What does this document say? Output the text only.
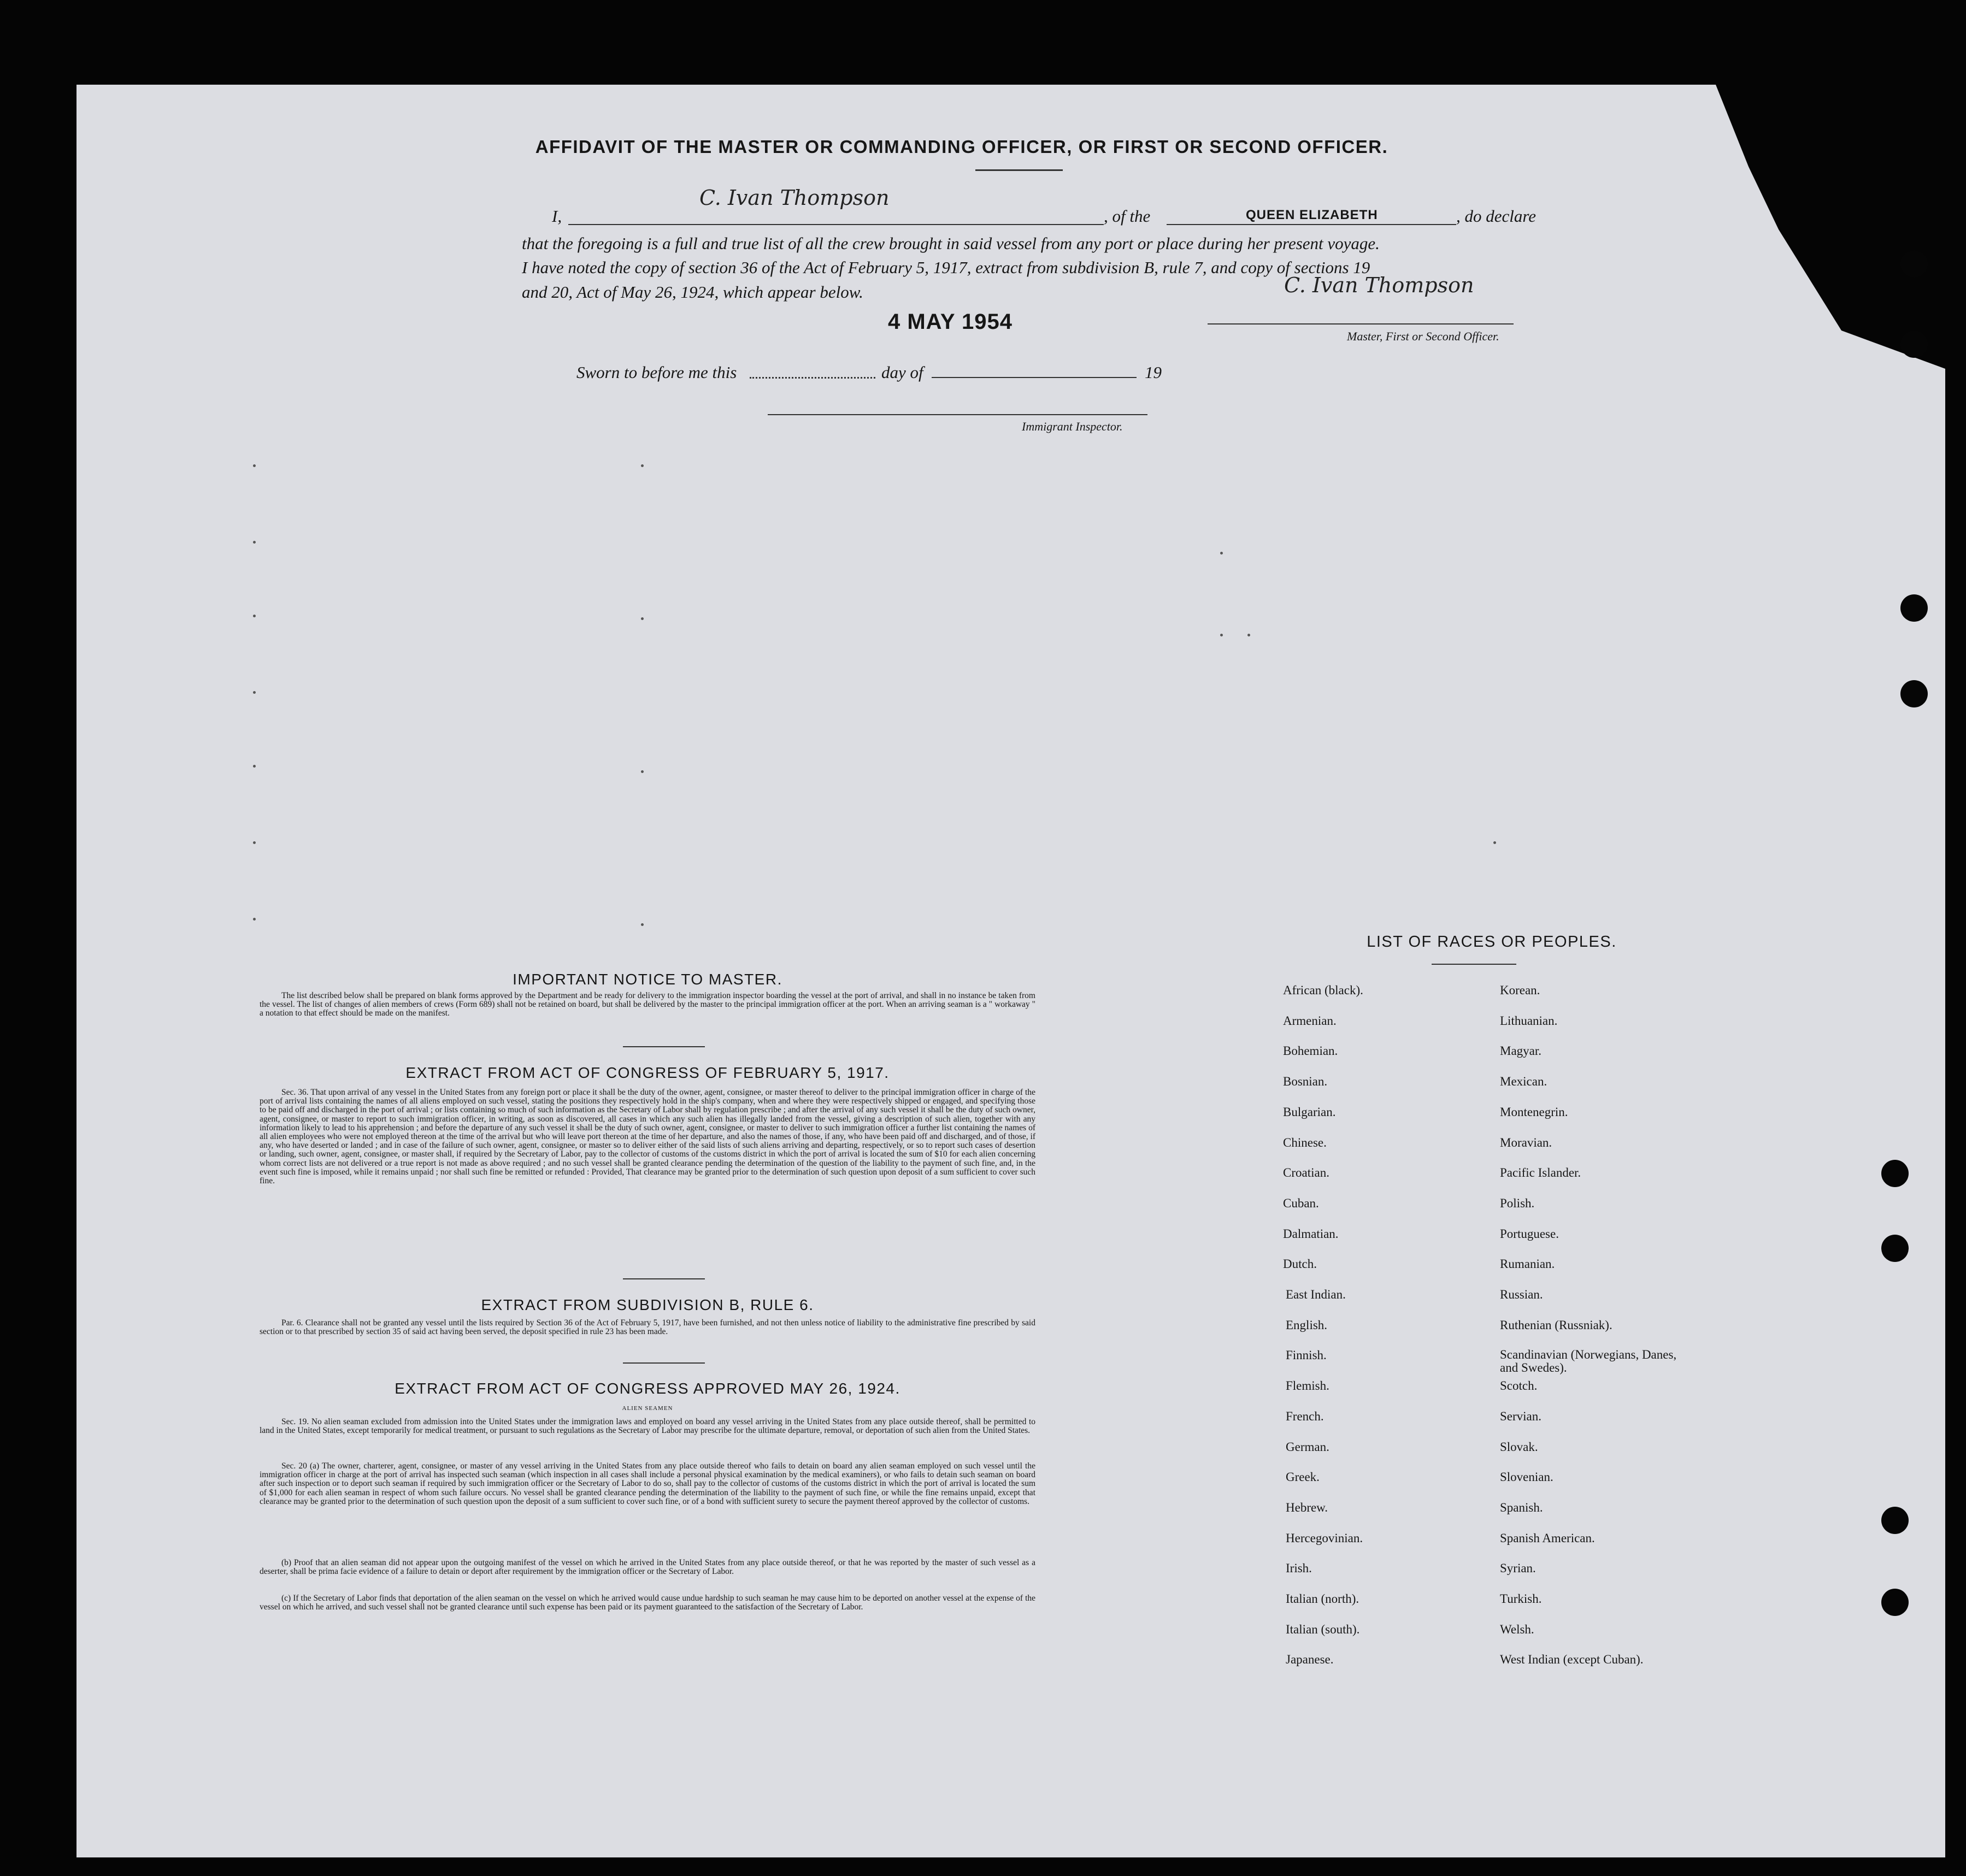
AFFIDAVIT OF THE MASTER OR COMMANDING OFFICER, OR FIRST OR SECOND OFFICER.
I,
C. Ivan Thompson
, of the	QUEEN ELIZABETH	, do declare
that the foregoing is a full and true list of all the crew brought in said vessel from any port or place during her present voyage.
I have noted the copy of section 36 of the Act of February 5, 1917, extract from subdivision B, rule 7, and copy of sections 19
and 20, Act of May 26, 1924, which appear below.	C. Ivan Thompson
Master, First or Second Officer.
4 MAY 1954
Sworn to before me this	day of	19
Immigrant Inspector.
IMPORTANT NOTICE TO MASTER.

The list described below shall be prepared on blank forms approved by the Department and be ready for delivery to the immigration inspector boarding the vessel at the port of arrival, and shall in no instance be taken from the vessel. The list of changes of alien members of crews (Form 689) shall not be retained on board, but shall be delivered by the master to the principal immigration officer at the port. When an arriving seaman is a " workaway " a notation to that effect should be made on the manifest.

EXTRACT FROM ACT OF CONGRESS OF FEBRUARY 5, 1917.

Sec. 36. That upon arrival of any vessel in the United States from any foreign port or place it shall be the duty of the owner, agent, consignee, or master thereof to deliver to the principal immigration officer in charge of the port of arrival lists containing the names of all aliens employed on such vessel, stating the positions they respectively hold in the ship's company, when and where they were respectively shipped or engaged, and specifying those to be paid off and discharged in the port of arrival ; or lists containing so much of such information as the Secretary of Labor shall by regulation prescribe ; and after the arrival of any such vessel it shall be the duty of such owner, agent, consignee, or master to report to such immigration officer, in writing, as soon as discovered, all cases in which any such alien has illegally landed from the vessel, giving a description of such alien, together with any information likely to lead to his apprehension ; and before the departure of any such vessel it shall be the duty of such owner, agent, consignee, or master to deliver to such immigration officer a further list containing the names of all alien employees who were not employed thereon at the time of the arrival but who will leave port thereon at the time of her departure, and also the names of those, if any, who have been paid off and discharged, and of those, if any, who have deserted or landed ; and in case of the failure of such owner, agent, consignee, or master so to deliver either of the said lists of such aliens arriving and departing, respectively, or so to report such cases of desertion or landing, such owner, agent, consignee, or master shall, if required by the Secretary of Labor, pay to the collector of customs of the customs district in which the port of arrival is located the sum of $10 for each alien concerning whom correct lists are not delivered or a true report is not made as above required ; and no such vessel shall be granted clearance pending the determination of the question of the liability to the payment of such fine, and, in the event such fine is imposed, while it remains unpaid ; nor shall such fine be remitted or refunded : Provided, That clearance may be granted prior to the determination of such question upon deposit of a sum sufficient to cover such fine.

EXTRACT FROM SUBDIVISION B, RULE 6.

Par. 6. Clearance shall not be granted any vessel until the lists required by Section 36 of the Act of February 5, 1917, have been furnished, and not then unless notice of liability to the administrative fine prescribed by said section or to that prescribed by section 35 of said act having been served, the deposit specified in rule 23 has been made.

EXTRACT FROM ACT OF CONGRESS APPROVED MAY 26, 1924.
ALIEN SEAMEN

Sec. 19. No alien seaman excluded from admission into the United States under the immigration laws and employed on board any vessel arriving in the United States from any place outside thereof, shall be permitted to land in the United States, except temporarily for medical treatment, or pursuant to such regulations as the Secretary of Labor may prescribe for the ultimate departure, removal, or deportation of such alien from the United States.

Sec. 20 (a) The owner, charterer, agent, consignee, or master of any vessel arriving in the United States from any place outside thereof who fails to detain on board any alien seaman employed on such vessel until the immigration officer in charge at the port of arrival has inspected such seaman (which inspection in all cases shall include a personal physical examination by the medical examiners), or who fails to detain such seaman on board after such inspection or to deport such seaman if required by such immigration officer or the Secretary of Labor to do so, shall pay to the collector of customs of the customs district in which the port of arrival is located the sum of $1,000 for each alien seaman in respect of whom such failure occurs. No vessel shall be granted clearance pending the determination of the liability to the payment of such fine, or while the fine remains unpaid, except that clearance may be granted prior to the determination of such question upon the deposit of a sum sufficient to cover such fine, or of a bond with sufficient surety to secure the payment thereof approved by the collector of customs.

(b) Proof that an alien seaman did not appear upon the outgoing manifest of the vessel on which he arrived in the United States from any place outside thereof, or that he was reported by the master of such vessel as a deserter, shall be prima facie evidence of a failure to detain or deport after requirement by the immigration officer or the Secretary of Labor.

(c) If the Secretary of Labor finds that deportation of the alien seaman on the vessel on which he arrived would cause undue hardship to such seaman he may cause him to be deported on another vessel at the expense of the vessel on which he arrived, and such vessel shall not be granted clearance until such expense has been paid or its payment guaranteed to the satisfaction of the Secretary of Labor.

LIST OF RACES OR PEOPLES.
African (black).
Armenian.
Bohemian.
Bosnian.
Bulgarian.
Chinese.
Croatian.
Cuban.
Dalmatian.
Dutch.
East Indian.
English.
Finnish.
Flemish.
French.
German.
Greek.
Hebrew.
Hercegovinian.
Irish.
Italian (north).
Italian (south).
Japanese.
Korean.
Lithuanian.
Magyar.
Mexican.
Montenegrin.
Moravian.
Pacific Islander.
Polish.
Portuguese.
Rumanian.
Russian.
Ruthenian (Russniak).
Scandinavian (Norwegians, Danes, and Swedes).
Scotch.
Servian.
Slovak.
Slovenian.
Spanish.
Spanish American.
Syrian.
Turkish.
Welsh.
West Indian (except Cuban).
